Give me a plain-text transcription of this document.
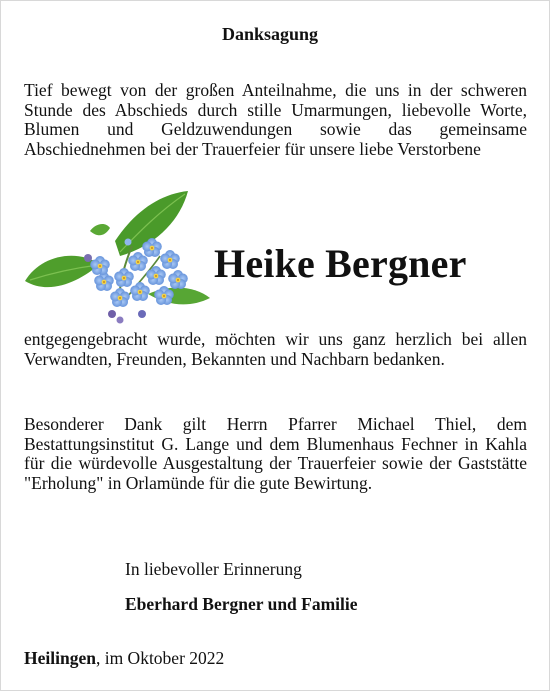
Danksagung

Tief bewegt von der großen Anteilnahme, die uns in der schweren Stunde des Abschieds durch stille Umarmungen, liebevolle Worte, Blumen und Geldzuwendungen sowie das gemeinsame Abschiednehmen bei der Trauerfeier für unsere liebe Verstorbene

Heike Bergner

entgegengebracht wurde, möchten wir uns ganz herzlich bei allen Verwandten, Freunden, Bekannten und Nachbarn bedanken.

Besonderer Dank gilt Herrn Pfarrer Michael Thiel, dem Bestattungsinstitut G. Lange und dem Blumenhaus Fechner in Kahla für die würdevolle Ausgestaltung der Trauerfeier sowie der Gaststätte "Erholung" in Orlamünde für die gute Bewirtung.

In liebevoller Erinnerung
Eberhard Bergner und Familie
Heilingen, im Oktober 2022
